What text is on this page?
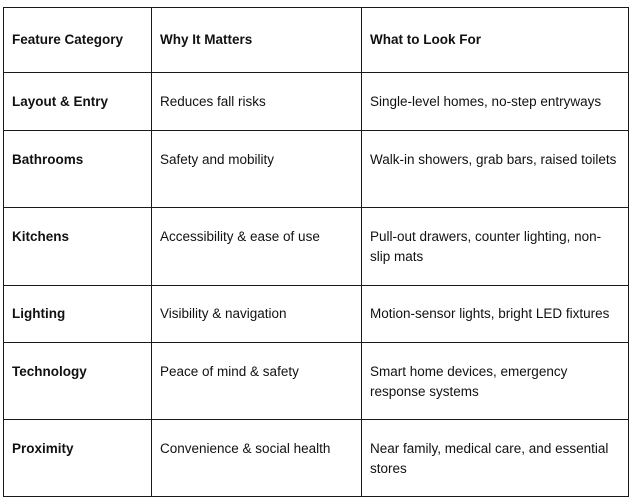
Feature Category	Why It Matters	What to Look For
Layout & Entry	Reduces fall risks	Single-level homes, no-step entryways
Bathrooms	Safety and mobility	Walk-in showers, grab bars, raised toilets
Kitchens	Accessibility & ease of use	Pull-out drawers, counter lighting, non-slip mats
Lighting	Visibility & navigation	Motion-sensor lights, bright LED fixtures
Technology	Peace of mind & safety	Smart home devices, emergency response systems
Proximity	Convenience & social health	Near family, medical care, and essential stores
